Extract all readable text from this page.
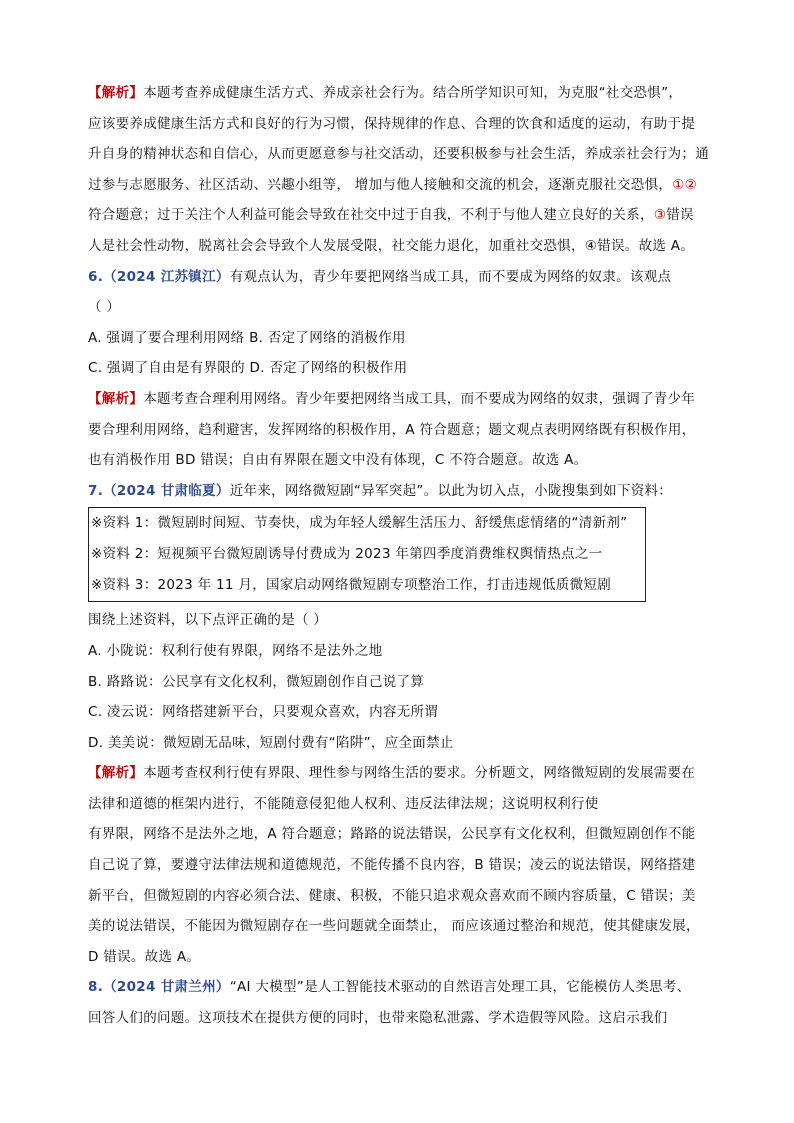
【解析】本题考查养成健康生活方式、养成亲社会行为。结合所学知识可知，为克服“社交恐惧”，
应该要养成健康生活方式和良好的行为习惯，保持规律的作息、合理的饮食和适度的运动，有助于提
升自身的精神状态和自信心，从而更愿意参与社交活动，还要积极参与社会生活，养成亲社会行为；通
过参与志愿服务、社区活动、兴趣小组等， 增加与他人接触和交流的机会，逐渐克服社交恐惧，①②
符合题意；过于关注个人利益可能会导致在社交中过于自我，不利于与他人建立良好的关系，③错误
人是社会性动物，脱离社会会导致个人发展受限，社交能力退化，加重社交恐惧，④错误。故选 A。
6.（2024 江苏镇江）有观点认为，青少年要把网络当成工具，而不要成为网络的奴隶。该观点
（ ）
A. 强调了要合理利用网络 B. 否定了网络的消极作用
C. 强调了自由是有界限的 D. 否定了网络的积极作用
【解析】本题考查合理利用网络。青少年要把网络当成工具，而不要成为网络的奴隶，强调了青少年
要合理利用网络，趋利避害，发挥网络的积极作用，A 符合题意；题文观点表明网络既有积极作用，
也有消极作用 BD 错误；自由有界限在题文中没有体现，C 不符合题意。故选 A。
7.（2024 甘肃临夏）近年来，网络微短剧“异军突起”。以此为切入点，小陇搜集到如下资料：
※资料 1：微短剧时间短、节奏快，成为年轻人缓解生活压力、舒缓焦虑情绪的“清新剂”
※资料 2：短视频平台微短剧诱导付费成为 2023 年第四季度消费维权舆情热点之一
※资料 3：2023 年 11 月，国家启动网络微短剧专项整治工作，打击违规低质微短剧
围绕上述资料，以下点评正确的是（ ）
A. 小陇说：权利行使有界限，网络不是法外之地
B. 路路说：公民享有文化权利，微短剧创作自己说了算
C. 凌云说：网络搭建新平台，只要观众喜欢，内容无所谓
D. 美美说：微短剧无品味，短剧付费有“陷阱”，应全面禁止
【解析】本题考查权利行使有界限、理性参与网络生活的要求。分析题文，网络微短剧的发展需要在
法律和道德的框架内进行，不能随意侵犯他人权利、违反法律法规；这说明权利行使
有界限，网络不是法外之地，A 符合题意；路路的说法错误，公民享有文化权利，但微短剧创作不能
自己说了算，要遵守法律法规和道德规范，不能传播不良内容，B 错误；凌云的说法错误，网络搭建
新平台，但微短剧的内容必须合法、健康、积极，不能只追求观众喜欢而不顾内容质量，C 错误；美
美的说法错误，不能因为微短剧存在一些问题就全面禁止， 而应该通过整治和规范，使其健康发展，
D 错误。故选 A。
8.（2024 甘肃兰州）“AI 大模型”是人工智能技术驱动的自然语言处理工具，它能模仿人类思考、
回答人们的问题。这项技术在提供方便的同时，也带来隐私泄露、学术造假等风险。这启示我们
